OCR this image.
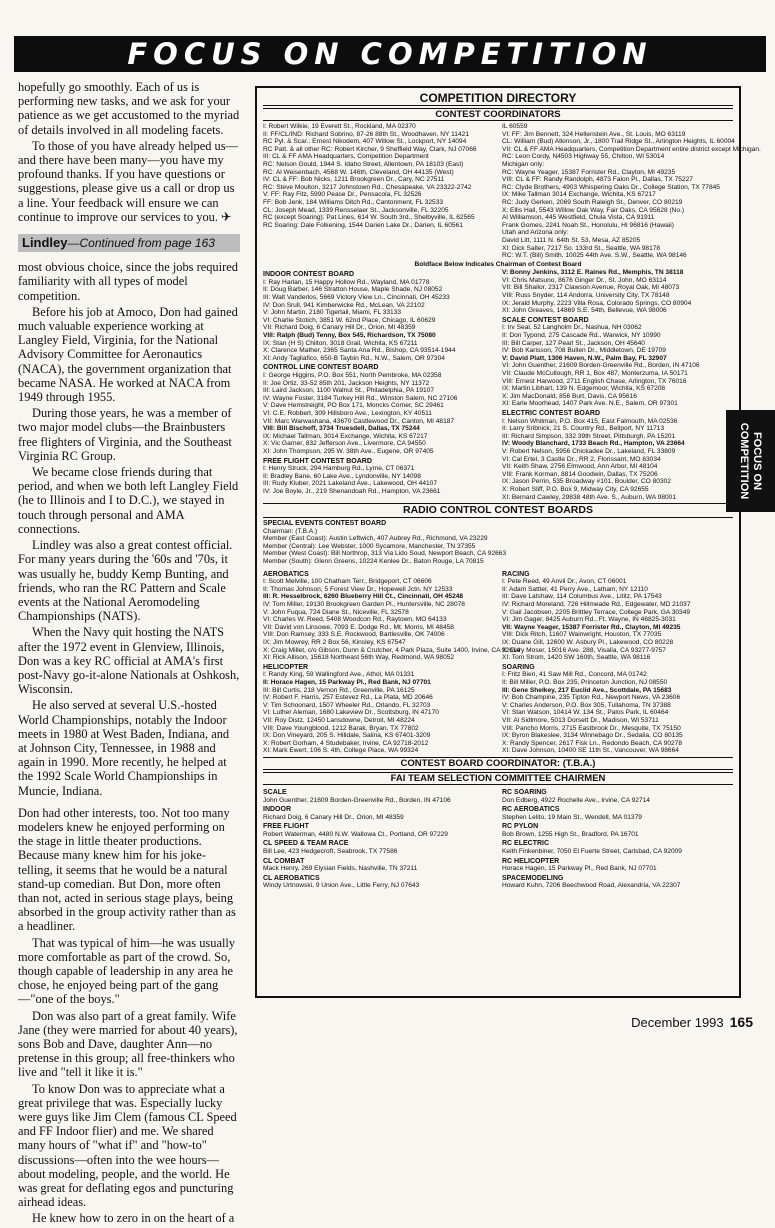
FOCUS ON COMPETITION

hopefully go smoothly. Each of us is performing new tasks, and we ask for your patience as we get accustomed to the myriad of details involved in all modeling facets.

To those of you have already helped us—and there have been many—you have my profound thanks. If you have questions or suggestions, please give us a call or drop us a line. Your feedback will ensure we can continue to improve our services to you. ✈

Lindley—Continued from page 163

most obvious choice, since the jobs required familiarity with all types of model competition.

Before his job at Amoco, Don had gained much valuable experience working at Langley Field, Virginia, for the National Advisory Committee for Aeronautics (NACA), the government organization that became NASA. He worked at NACA from 1949 through 1955.

During those years, he was a member of two major model clubs—the Brainbusters free flighters of Virginia, and the Southeast Virginia RC Group.

We became close friends during that period, and when we both left Langley Field (he to Illinois and I to D.C.), we stayed in touch through personal and AMA connections.

Lindley was also a great contest official. For many years during the '60s and '70s, it was usually he, buddy Kemp Bunting, and friends, who ran the RC Pattern and Scale events at the National Aeromodeling Championships (NATS).

When the Navy quit hosting the NATS after the 1972 event in Glenview, Illinois, Don was a key RC official at AMA's first post-Navy go-it-alone Nationals at Oshkosh, Wisconsin.

He also served at several U.S.-hosted World Championships, notably the Indoor meets in 1980 at West Baden, Indiana, and at Johnson City, Tennessee, in 1988 and again in 1990. More recently, he helped at the 1992 Scale World Championships in Muncie, Indiana.

Don had other interests, too. Not too many modelers knew he enjoyed performing on the stage in little theater productions. Because many knew him for his joke-telling, it seems that he would be a natural stand-up comedian. But Don, more often than not, acted in serious stage plays, being absorbed in the group activity rather than as a headliner.

That was typical of him—he was usually more comfortable as part of the crowd. So, though capable of leadership in any area he chose, he enjoyed being part of the gang—"one of the boys."

Don was also part of a great family. Wife Jane (they were married for about 40 years), sons Bob and Dave, daughter Ann—no pretense in this group; all free-thinkers who live and "tell it like it is."

To know Don was to appreciate what a great privilege that was. Especially lucky were guys like Jim Clem (famous CL Speed and FF Indoor flier) and me. We shared many hours of "what if" and "how-to" discussions—often into the wee hours—about modeling, people, and the world. He was great for deflating egos and puncturing airhead ideas.

He knew how to zero in on the heart of a

COMPETITION DIRECTORY
CONTEST COORDINATORS
I: Robert Wilkie, 19 Everett St., Rockland, MA 02370
II: FF/CL/IND: Richard Sobrino, 87-26 88th St., Woodhaven, NY 11421
RC Pyl. & Scar.: Ernest Nikodem, 407 Willow St., Lockport, NY 14094
RC Patt. & all other RC: Robert Kircher, 9 Sheffield Way, Clark, NJ 07066
III: CL & FF AMA Headquarters, Competition Department
RC: Nelson Gould, 1944 S. Idaho Street, Allentown, PA 18103 (East)
RC: Al Weisenbach, 4568 W. 146th, Cleveland, OH 44135 (West)
IV: CL & FF: Bob Nicks, 1211 Brookgreen Dr., Cary, NC 27511
RC: Steve Moulton, 3217 Johnstown Rd., Chesapeake, VA 23322-2742
V: FF: Ray Fitz, 5990 Pease Dr., Pensacola, FL 32526
FF: Bob Jenk, 184 Williams Ditch Rd., Cantonment, FL 32533
CL: Joseph Mead, 1339 Rensselaer St., Jacksonville, FL 32205
RC (except Soaring): Pat Lines, 614 W. South 3rd., Shelbyville, IL 62565
RC Soaring: Dale Folkening, 1544 Darien Lake Dr., Darien, IL 60561
IL 60559
VI: FF: Jim Bennett, 324 Hellenstein Ave., St. Louis, MO 63119
CL: William (Bud) Atkinson, Jr., 1800 Trail Ridge St., Arlington Heights, IL 60004
VII: CL & FF AMA Headquarters, Competition Department entire district except Michigan.
RC: Leon Cordy, N4503 Highway 55, Chilton, WI 53014
Michigan only:
RC: Wayne Yeager, 15387 Forrister Rd., Clayton, MI 49235
VIII: CL & FF: Randy Randolph, 4873 Falon Pl., Dallas, TX 75227
RC: Clyde Brothers, 4903 Whispering Oaks Dr., College Station, TX 77845
IX: Mike Tallman 3014 Exchange, Wichita, KS 67217
RC: Judy Gerken, 2069 South Raleigh St., Denver, CO 80219
X: Ellis Hall, 5543 Willow Oak Way, Fair Oaks, CA 95628 (No.)
Al Williamson, 445 Westfield, Chula Vista, CA 91911
Frank Gomes, 2241 Noah St., Honolulu, HI 96816 (Hawaii)
Utah and Arizona only:
David Litt, 1111 N. 64th St. 53, Mesa, AZ 85205
XI: Dick Salter, 7217 So. 133rd St., Seattle, WA 98178
RC: W.T. (Bill) Smith, 10025 44th Ave. S.W., Seattle, WA 98146
Boldface Below Indicates Chairman of Contest Board
INDOOR CONTEST BOARD
I: Ray Harlan, 15 Happy Hollow Rd., Wayland, MA 01778
II: Doug Barber, 146 Stratton House, Maple Shade, NJ 08052
III: Walt Vanderlos, 5669 Victory View Ln., Cincinnati, OH 45233
IV: Don Srull, 941 Kimberwicke Rd., McLean, VA 22102
V: John Martin, 2180 Tigertail, Miami, FL 33133
VI: Charlie Stotich, 3851 W. 62nd Place, Chicago, IL 60629
VII: Richard Doig, 6 Canary Hill Dr., Orion, MI 48359
VIII: Ralph (Bud) Tenny, Box 545, Richardson, TX 75080
IX: Stan (H S) Chilton, 3018 Grail, Wichita, KS 67211
X: Clarence Mather, 2365 Santa Ana Rd., Bishop, CA 93514-1944
XI: Andy Tagliafico, 650-B Taybin Rd., N.W., Salem, OR 97304
CONTROL LINE CONTEST BOARD
I: George Higgins, P.O. Box 551, North Pembroke, MA 02358
II: Joe Ortiz, 33-52 85th 201, Jackson Heights, NY 11372
III: Laird Jackson, 1100 Walnut St., Philadelphia, PA 19107
IV: Wayne Foster, 3184 Turkey Hill Rd., Winston Salem, NC 27106
V: Dave Hemstreight, PO Box 171, Moncks Corner, SC 29461
VI: C.E. Robbert, 309 Hillsboro Ave., Lexington, KY 40511
VII: Marc Warwashana, 43670 Castlewood Dr., Canton, MI 48187
VIII: Bill Bischoff, 3734 Truesdell, Dallas, TX 75244
IX: Michael Tallman, 3014 Exchange, Wichita, KS 67217
X: Vic Garner, 832 Jefferson Ave., Livermore, CA 94550
XI: John Thompson, 295 W. 38th Ave., Eugene, OR 97405
FREE FLIGHT CONTEST BOARD
I: Henry Struck, 294 Hamburg Rd., Lyme, CT 06371
II: Bradley Bane, 60 Lake Ave., Lyndonville, NY 14098
III: Rudy Kluber, 2021 Lakeland Ave., Lakewood, OH 44107
IV: Joe Boyle, Jr., 219 Shenandoah Rd., Hampton, VA 23661
V: Bonny Jenkins, 3112 E. Raines Rd., Memphis, TN 38118
VI: Chris Matsuno, 8676 Ginger Dr., St. John, MO 63114
VII: Bill Shailor, 2317 Clawson Avenue, Royal Oak, MI 48073
VIII: Russ Snyder, 114 Andorra, University City, TX 78148
IX: Jerald Murphy, 2223 Villa Rosa, Colorado Springs, CO 80904
XI: John Greaves, 14869 S.E. 54th, Bellevue, WA 98006
SCALE CONTEST BOARD
I: Irv Seal, 52 Langholm Dr., Nashua, NH 03062
II: Don Typond, 275 Cascade Rd., Warwick, NY 10990
III: Bill Carper, 127 Pearl St., Jackson, OH 45640
IV: Bob Karisson, 708 Bullen Dr., Middletown, DE 19709
V: David Platt, 1306 Haven, N.W., Palm Bay, FL 32907
VI: John Guenther, 21609 Borden-Greenville Rd., Borden, IN 47106
VII: Claude McCullough, RR 1, Box 487, Monterzuma, IA 50171
VIII: Ernest Harwood, 2711 English Chase, Arlington, TX 76016
IX: Martin Libhart, 139 N. Edgemoor, Wichita, KS 67208
X: Jim MacDonald, 856 Burt, Davis, CA 95616
XI: Earle Moorhead, 1407 Park Ave. N.E., Salem, OR 97301
ELECTRIC CONTEST BOARD
I: Nelson Whitman, P.O. Box 415, East Falmouth, MA 02536
II: Larry Sribnick, 21 S. Country Rd., Bellport, NY 11713
III: Richard Simpson, 332 39th Street, Pittsburgh, PA 15201
IV: Woody Blanchard, 1733 Beach Rd., Hampton, VA 23664
V: Robert Nelson, 5956 Chickadee Dr., Lakeland, FL 33809
VI: Cal Ertel, 3 Castle Dr., RR 2, Florissant, MO 63034
VII: Keith Shaw, 2756 Elmwood, Ann Arbor, MI 48104
VIII: Frank Korman, 8814 Goodwin, Dallas, TX 75206
IX: Jason Perrin, 535 Broadway #101, Boulder, CO 80302
X: Robert Sliff, P.O. Box 9, Midway City, CA 92655
XI: Bernard Cawley, 29838 48th Ave. S., Auburn, WA 98001
RADIO CONTROL CONTEST BOARDS
SPECIAL EVENTS CONTEST BOARD
Chairman: (T.B.A.)
Member (East Coast): Austin Leftwich, 407 Aubrey Rd., Richmond, VA 23229
Member (Central): Lee Webster, 1000 Sycamore, Manchester, TN 37355
Member (West Coast): Bill Northrop, 313 Via Lido Soud, Newport Beach, CA 92663
Member (South): Glenn Greens, 10224 Kenlee Dr., Baton Rouge, LA 70815
AEROBATICS
I: Scott Melville, 100 Chatham Terr., Bridgeport, CT 06606
II: Thomas Johnson, 5 Forest View Dr., Hopewell Jctn. NY 12533
III: R. Hesselbrock, 6260 Blueberry Hill Ct., Cincinnati, OH 45248
IV: Tom Miller, 19130 Brookgreen Garden Pl., Huntersville, NC 28078
V: John Fuqua, 724 Diane St., Niceville, FL 32578
VI: Charles W. Reed, 5408 Woodcon Rd., Raytown, MO 64133
VII: David von Linsowe, 7093 E. Dodge Rd., Mt. Morris, MI 48458
VIII: Don Ramsey, 333 S.E. Rockwood, Bartlesville, OK 74006
IX: Jim Mowrey, RR 2 Box 56, Kinsley, KS 67547
X: Craig Millet, c/o Gibson, Dunn & Crutcher, 4 Park Plaza, Suite 1400, Irvine, CA 92614
XI: Rick Allison, 15618 Northeast 56th Way, Redmond, WA 98052
HELICOPTER
I: Randy King, 59 Wallingford Ave., Athol, MA 01331
II: Horace Hagen, 15 Parkway Pl., Red Bank, NJ 07701
III: Bill Curtis, 218 Vernon Rd., Greenville, PA 16125
IV: Robert F. Harris, 257 Estevez Rd., La Plata, MD 20646
V: Tim Schoonard, 1507 Wheeler Rd., Orlando, FL 32703
VI: Luther Aleman, 1680 Lakeview Dr., Scottsburg, IN 47170
VII: Roy Distz, 12450 Lansdowne, Detroit, MI 48224
VIII: Dave Youngblood, 1212 Barak, Bryan, TX 77802
IX: Don Vineyard, 205 S. Hilldale, Salina, KS 67401-3209
X: Robert Gorham, 4 Studebaker, Irvine, CA 92718-2012
XI: Mark Ewert, 106 S. 4th, College Place, WA 99324
RACING
I: Pete Reed, 49 Anvil Dr., Avon, CT 06001
II: Adam Sattler, 41 Perry Ave., Latham, NY 12110
III: Dave Latshaw, 114 Columbus Ave., Lititz, PA 17543
IV: Richard Moreland, 726 Hillmeade Rd., Edgewater, MD 21037
V: Gail Jacobsen, 2205 Brittley Terrace, College Park, GA 30349
VI: Jim Gager, 8425 Auburn Rd., Ft. Wayne, IN 46825-3031
VII: Wayne Yeager, 15387 Forrister Rd., Clayton, MI 49235
VIII: Dick Ritch, 11607 Wainwright, Houston, TX 77035
IX: Duane Gill, 12600 W. Asbury Pl., Lakewood, CO 80228
X: Gary Moser, 15016 Ave. 288, Visalia, CA 93277-9757
XI: Tom Strom, 1420 SW 160th, Seattle, WA 98116
SOARING
I: Fritz Bien, 41 Saw Mill Rd., Concord, MA 01742
II: Bill Miller, P.O. Box 235, Princeton Junction, NJ 08550
III: Gene Shelkey, 217 Euclid Ave., Scottdale, PA 15683
IV: Bob Champine, 235 Tipton Rd., Newport News, VA 23606
V: Charles Anderson, P.O. Box 305, Tullahoma, TN 37388
VI: Stan Watson, 10414 W. 134 St., Palos Park, IL 60464
VII: Al Sidlmore, 5013 Dorsett Dr., Madison, WI 53711
VIII: Pancho Morris, 2715 Eastbrook Dr., Mesquite, TX 75150
IX: Byron Blakeslee, 3134 Winnebago Dr., Sedalia, CO 80135
X: Randy Spencer, 2617 Fisk Ln., Redondo Beach, CA 90278
XI: Dave Johnson, 10400 SE 11th St., Vancouver, WA 98664
CONTEST BOARD COORDINATOR: (T.B.A.)
FAI TEAM SELECTION COMMITTEE CHAIRMEN
SCALE
John Guenther, 21609 Borden-Greenville Rd., Borden, IN 47106
INDOOR
Richard Doig, 6 Canary Hill Dr., Orion, MI 48359
FREE FLIGHT
Robert Waterman, 4480 N.W. Wallowa Ct., Portland, OR 97229
CL SPEED & TEAM RACE
Bill Lee, 423 Hedgecroft, Seabrook, TX 77586
CL COMBAT
Mack Henry, 269 Elysian Fields, Nashville, TN 37211
CL AEROBATICS
Windy Urtnowski, 9 Union Ave., Little Ferry, NJ 07643
RC SOARING
Don Edberg, 4922 Rochelle Ave., Irvine, CA 92714
RC AEROBATICS
Stephen Lelito, 19 Main St., Wendell, MA 01379
RC PYLON
Bob Brown, 1255 High St., Bradford, PA 16701
RC ELECTRIC
Keith Finkenbiner, 7050 El Fuerte Street, Carlsbad, CA 92009
RC HELICOPTER
Horace Hagen, 15 Parkway Pl., Red Bank, NJ 07701
SPACEMODELING
Howard Kuhn, 7206 Beechwood Road, Alexandria, VA 22307
FOCUS ON
COMPETITION
December 1993 165
